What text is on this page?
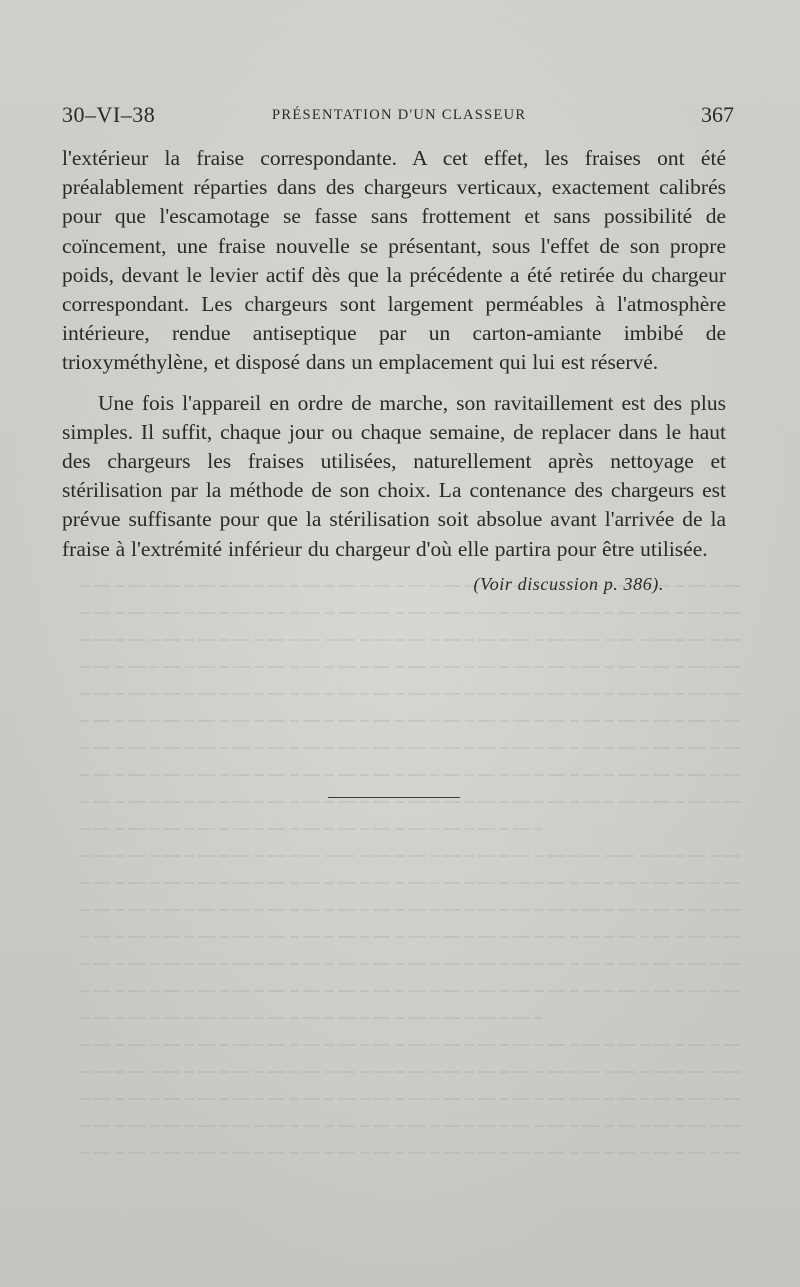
30–VI–38	PRÉSENTATION D'UN CLASSEUR	367

l'extérieur la fraise correspondante. A cet effet, les fraises ont été préalablement réparties dans des chargeurs verticaux, exactement calibrés pour que l'escamotage se fasse sans frottement et sans possibilité de coïncement, une fraise nouvelle se présentant, sous l'effet de son propre poids, devant le levier actif dès que la précédente a été retirée du chargeur correspondant. Les chargeurs sont largement perméables à l'atmosphère intérieure, rendue antiseptique par un carton-amiante imbibé de trioxyméthylène, et disposé dans un emplacement qui lui est réservé.

Une fois l'appareil en ordre de marche, son ravitaillement est des plus simples. Il suffit, chaque jour ou chaque semaine, de replacer dans le haut des chargeurs les fraises utilisées, naturellement après nettoyage et stérilisation par la méthode de son choix. La contenance des chargeurs est prévue suffisante pour que la stérilisation soit absolue avant l'arrivée de la fraise à l'extrémité inférieur du chargeur d'où elle partira pour être utilisée.

(Voir discussion p. 386).
